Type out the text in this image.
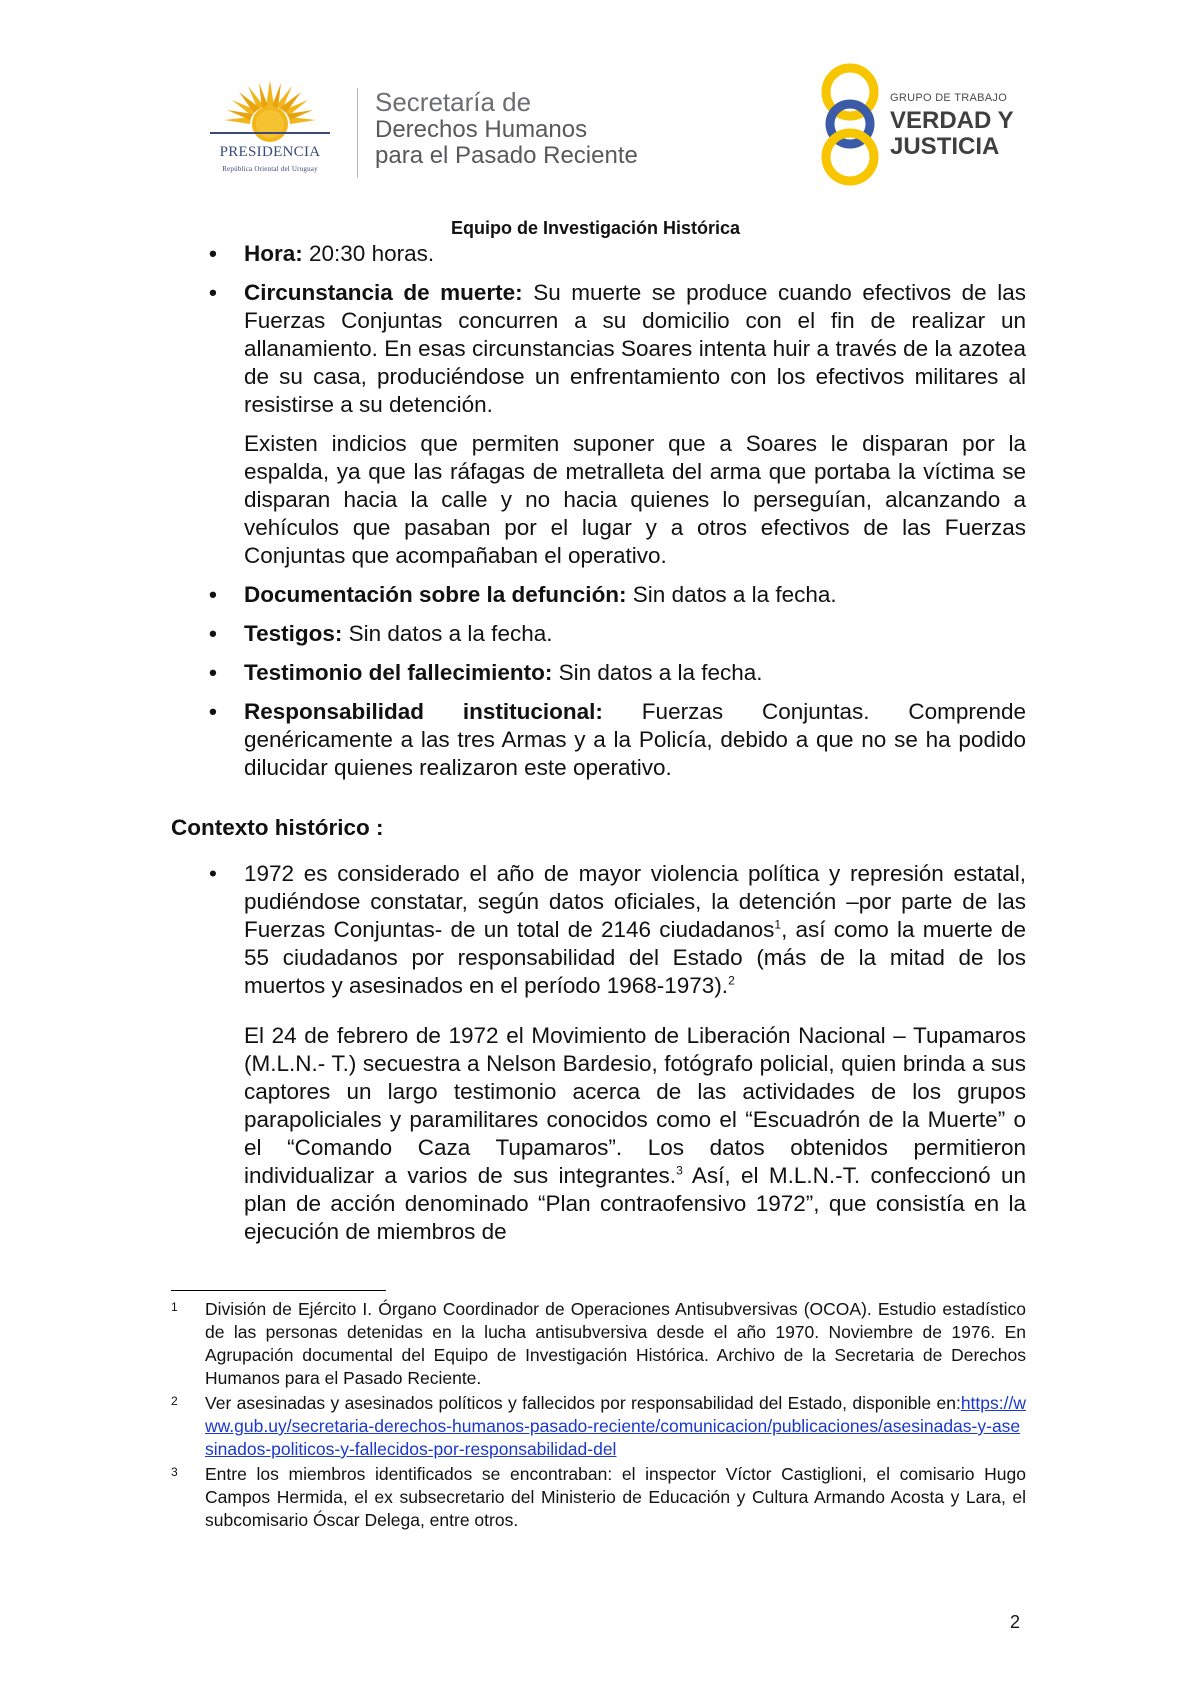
PRESIDENCIA
República Oriental del Uruguay
Secretaría de
Derechos Humanos
para el Pasado Reciente
GRUPO DE TRABAJO
VERDAD Y
JUSTICIA
Equipo de Investigación Histórica
• Hora: 20:30 horas.
• Circunstancia de muerte: Su muerte se produce cuando efectivos de las Fuerzas Conjuntas concurren a su domicilio con el fin de realizar un allanamiento. En esas circunstancias Soares intenta huir a través de la azotea de su casa, produciéndose un enfrentamiento con los efectivos militares al resistirse a su detención.
Existen indicios que permiten suponer que a Soares le disparan por la espalda, ya que las ráfagas de metralleta del arma que portaba la víctima se disparan hacia la calle y no hacia quienes lo perseguían, alcanzando a vehículos que pasaban por el lugar y a otros efectivos de las Fuerzas Conjuntas que acompañaban el operativo.
• Documentación sobre la defunción: Sin datos a la fecha.
• Testigos: Sin datos a la fecha.
• Testimonio del fallecimiento: Sin datos a la fecha.
• Responsabilidad institucional: Fuerzas Conjuntas. Comprende genéricamente a las tres Armas y a la Policía, debido a que no se ha podido dilucidar quienes realizaron este operativo.
Contexto histórico :
• 1972 es considerado el año de mayor violencia política y represión estatal, pudiéndose constatar, según datos oficiales, la detención –por parte de las Fuerzas Conjuntas- de un total de 2146 ciudadanos$^1$, así como la muerte de 55 ciudadanos por responsabilidad del Estado (más de la mitad de los muertos y asesinados en el período 1968-1973).$^2$
El 24 de febrero de 1972 el Movimiento de Liberación Nacional – Tupamaros (M.L.N.- T.) secuestra a Nelson Bardesio, fotógrafo policial, quien brinda a sus captores un largo testimonio acerca de las actividades de los grupos parapoliciales y paramilitares conocidos como el “Escuadrón de la Muerte” o el “Comando Caza Tupamaros”. Los datos obtenidos permitieron individualizar a varios de sus integrantes.$^3$ Así, el M.L.N.-T. confeccionó un plan de acción denominado “Plan contraofensivo 1972”, que consistía en la ejecución de miembros de
1 División de Ejército I. Órgano Coordinador de Operaciones Antisubversivas (OCOA). Estudio estadístico de las personas detenidas en la lucha antisubversiva desde el año 1970. Noviembre de 1976. En Agrupación documental del Equipo de Investigación Histórica. Archivo de la Secretaria de Derechos Humanos para el Pasado Reciente.
2 Ver asesinadas y asesinados políticos y fallecidos por responsabilidad del Estado, disponible en:https://www.gub.uy/secretaria-derechos-humanos-pasado-reciente/comunicacion/publicaciones/asesinadas-y-asesinados-politicos-y-fallecidos-por-responsabilidad-del
3 Entre los miembros identificados se encontraban: el inspector Víctor Castiglioni, el comisario Hugo Campos Hermida, el ex subsecretario del Ministerio de Educación y Cultura Armando Acosta y Lara, el subcomisario Óscar Delega, entre otros.
2
